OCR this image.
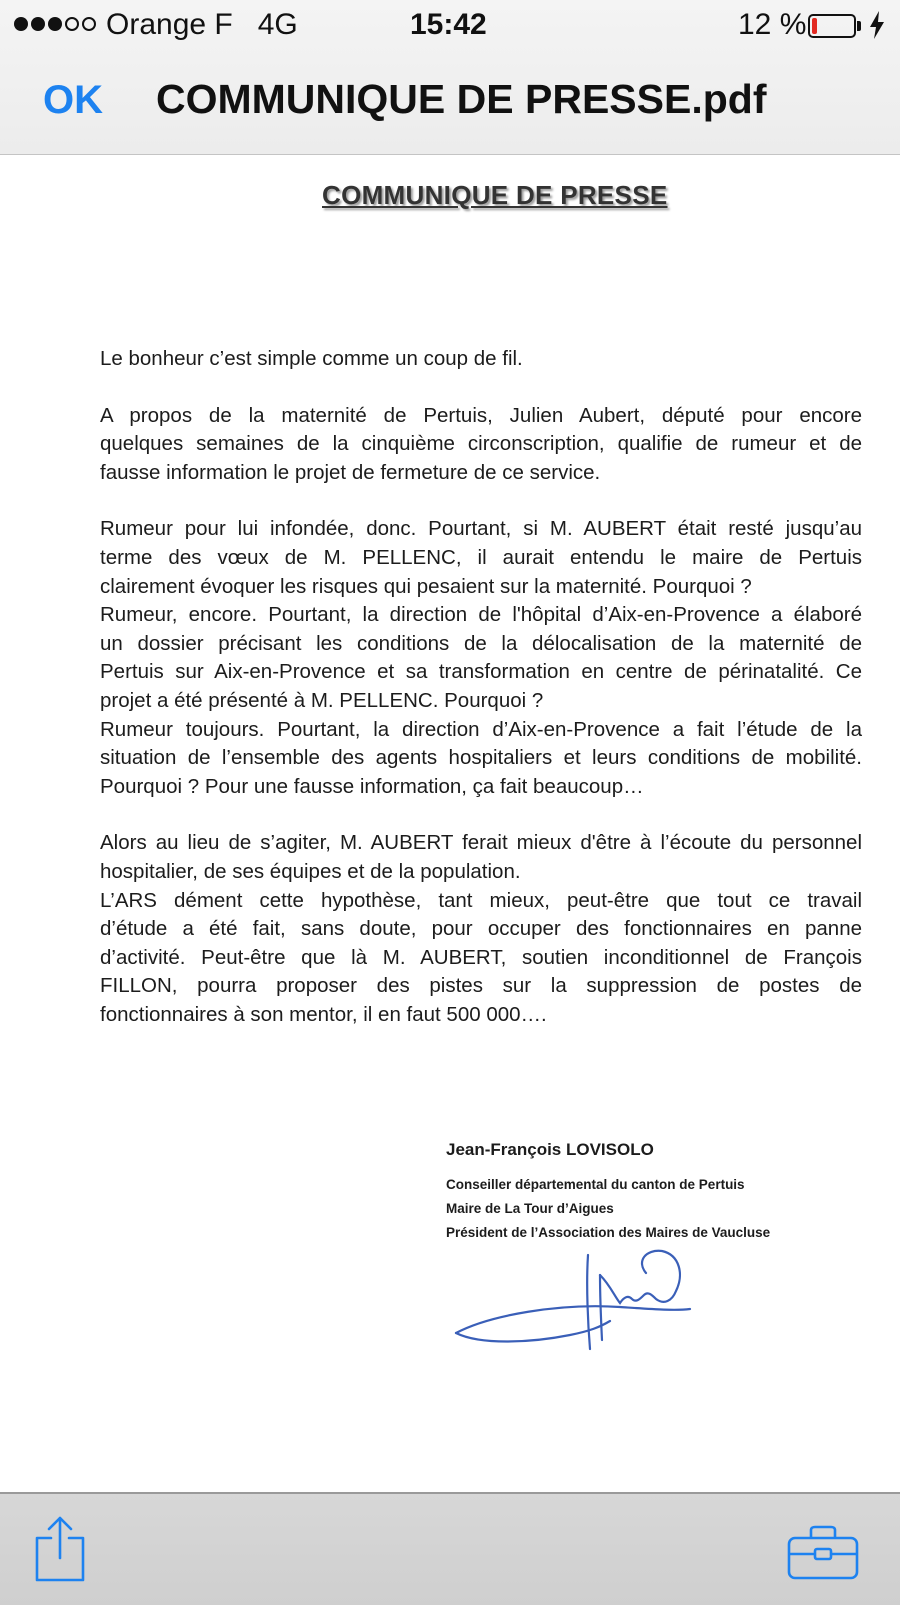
Orange F 4G	15:42	12 %
OK COMMUNIQUE DE PRESSE.pdf
COMMUNIQUE DE PRESSE

Le bonheur c’est simple comme un coup de fil.

A propos de la maternité de Pertuis, Julien Aubert, député pour encore
quelques semaines de la cinquième circonscription, qualifie de rumeur et de
fausse information le projet de fermeture de ce service.

Rumeur pour lui infondée, donc. Pourtant, si M. AUBERT était resté jusqu’au
terme des vœux de M. PELLENC, il aurait entendu le maire de Pertuis
clairement évoquer les risques qui pesaient sur la maternité. Pourquoi ?
Rumeur, encore. Pourtant, la direction de l'hôpital d’Aix-en-Provence a élaboré
un dossier précisant les conditions de la délocalisation de la maternité de
Pertuis sur Aix-en-Provence et sa transformation en centre de périnatalité. Ce
projet a été présenté à M. PELLENC. Pourquoi ?
Rumeur toujours. Pourtant, la direction d’Aix-en-Provence a fait l’étude de la
situation de l’ensemble des agents hospitaliers et leurs conditions de mobilité.
Pourquoi ? Pour une fausse information, ça fait beaucoup…

Alors au lieu de s’agiter, M. AUBERT ferait mieux d'être à l’écoute du personnel
hospitalier, de ses équipes et de la population.
L’ARS dément cette hypothèse, tant mieux, peut-être que tout ce travail
d’étude a été fait, sans doute, pour occuper des fonctionnaires en panne
d’activité. Peut-être que là M. AUBERT, soutien inconditionnel de François
FILLON, pourra proposer des pistes sur la suppression de postes de
fonctionnaires à son mentor, il en faut 500 000….

Jean-François LOVISOLO
Conseiller départemental du canton de Pertuis
Maire de La Tour d’Aigues
Président de l’Association des Maires de Vaucluse
